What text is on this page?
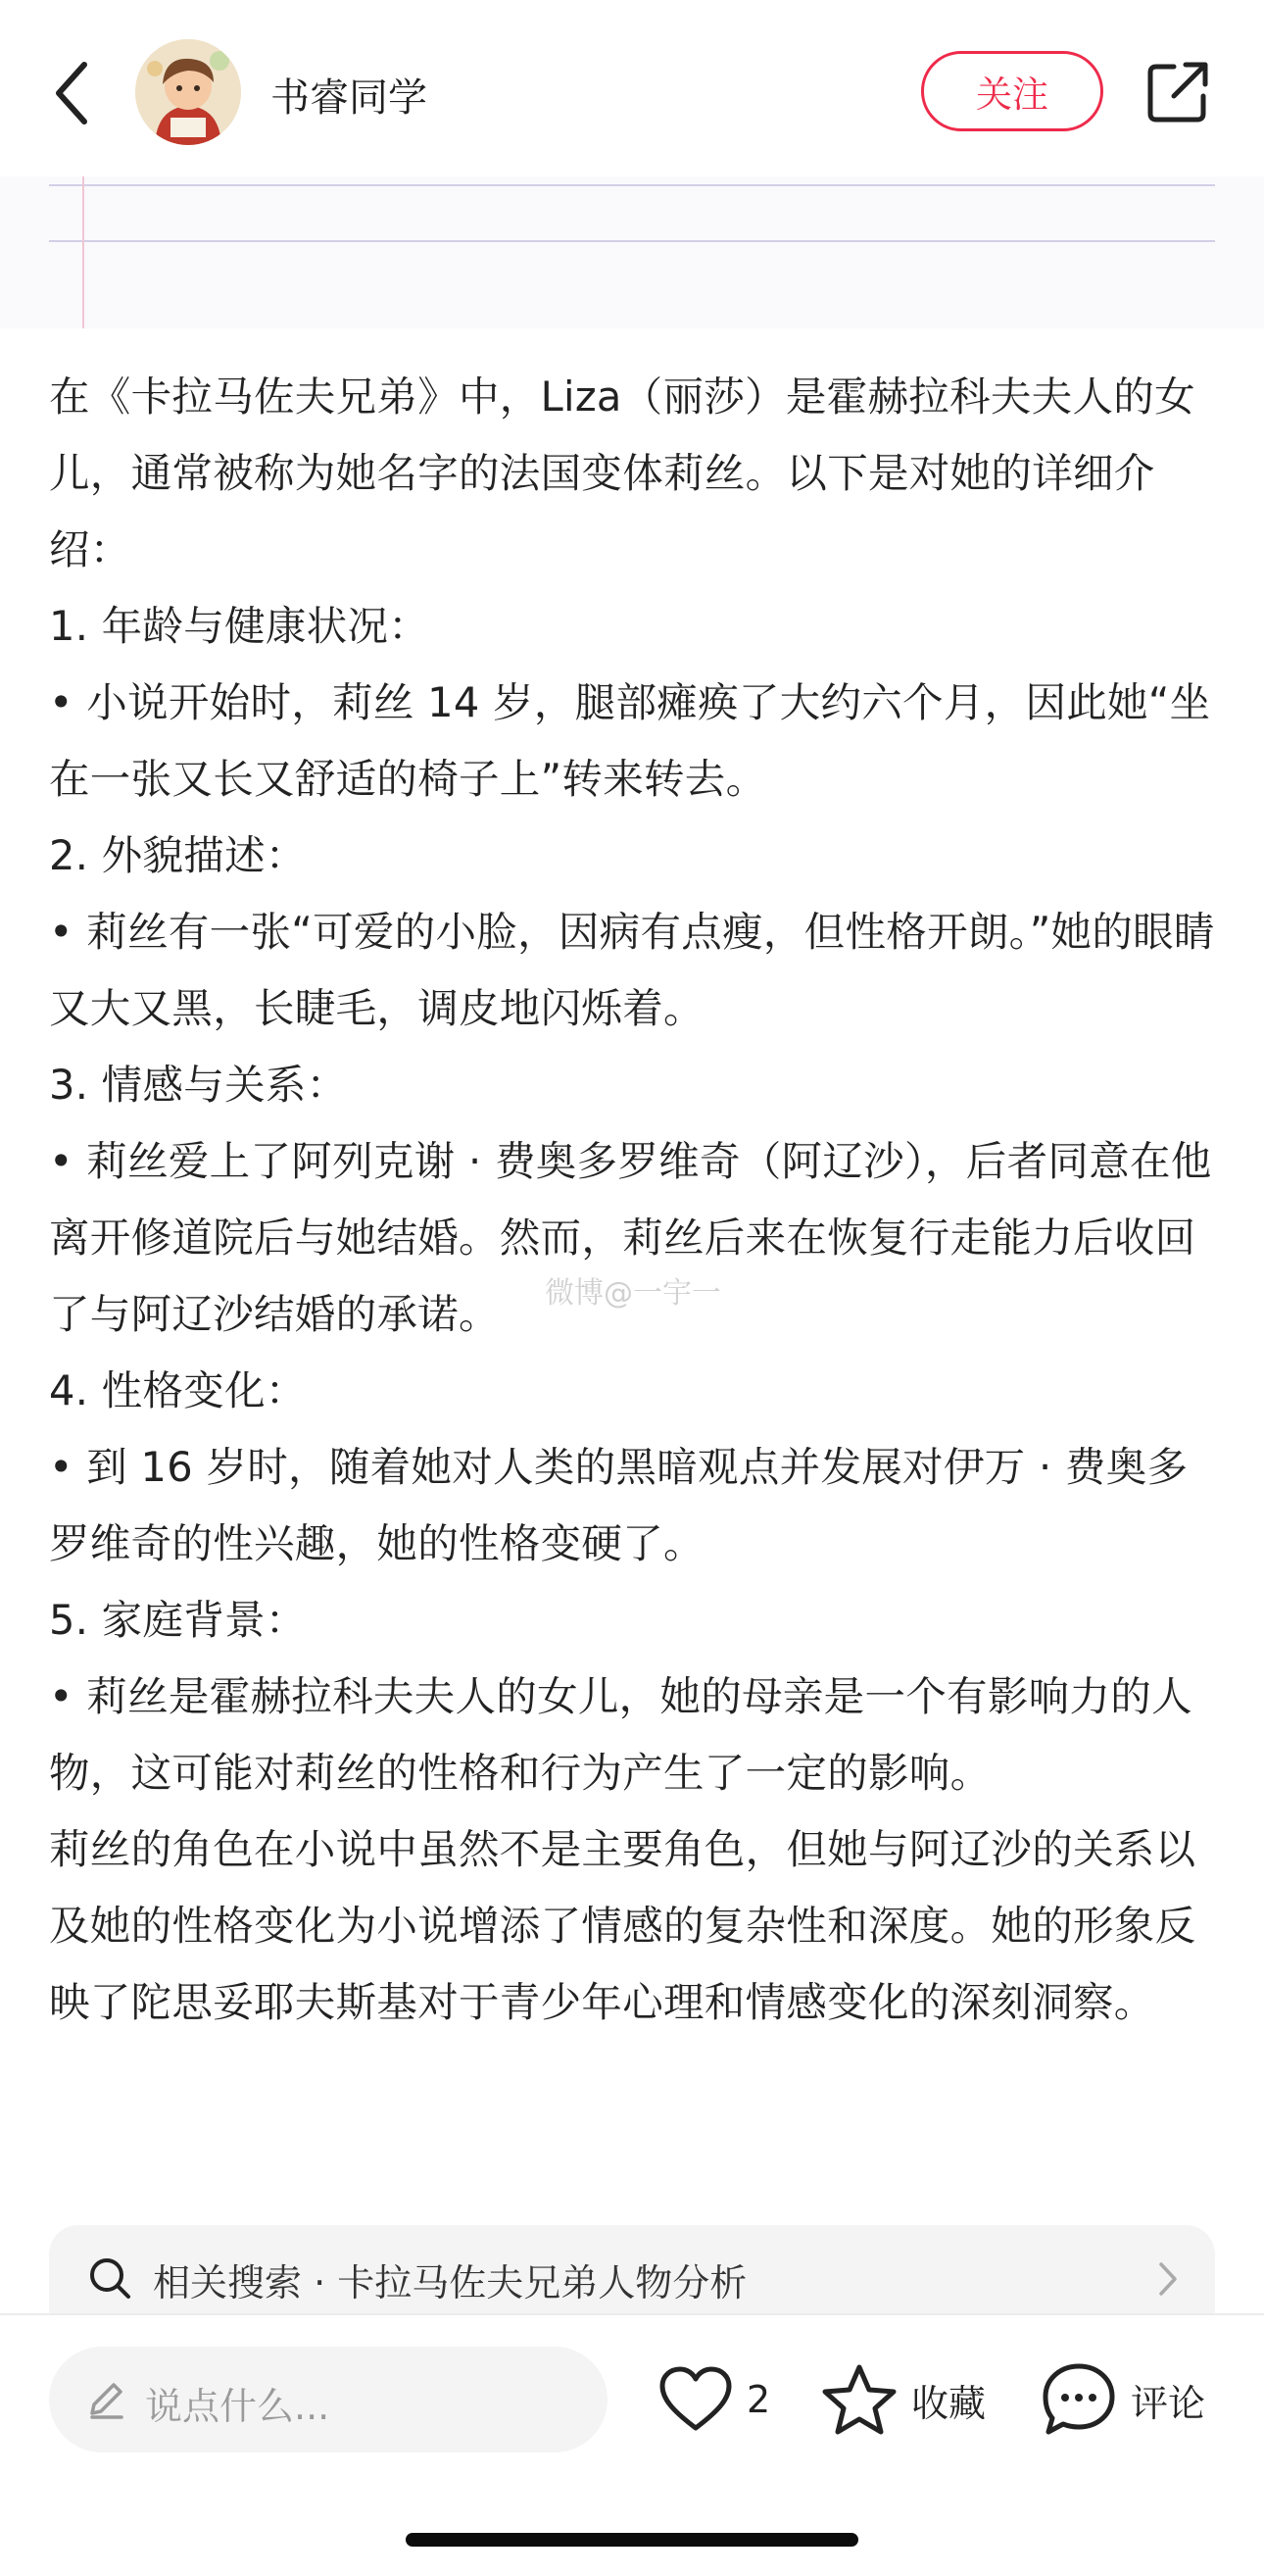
书睿同学	关注

在《卡拉马佐夫兄弟》中，Liza（丽莎）是霍赫拉科夫夫人的女儿，通常被称为她名字的法国变体莉丝。以下是对她的详细介绍：

1. 年龄与健康状况：

• 小说开始时，莉丝 14 岁，腿部瘫痪了大约六个月，因此她“坐在一张又长又舒适的椅子上”转来转去。

2. 外貌描述：

• 莉丝有一张“可爱的小脸，因病有点瘦，但性格开朗。”她的眼睛又大又黑，长睫毛，调皮地闪烁着。

3. 情感与关系：

• 莉丝爱上了阿列克谢 · 费奥多罗维奇（阿辽沙），后者同意在他离开修道院后与她结婚。然而，莉丝后来在恢复行走能力后收回了与阿辽沙结婚的承诺。

4. 性格变化：

• 到 16 岁时，随着她对人类的黑暗观点并发展对伊万 · 费奥多罗维奇的性兴趣，她的性格变硬了。

5. 家庭背景：

• 莉丝是霍赫拉科夫夫人的女儿，她的母亲是一个有影响力的人物，这可能对莉丝的性格和行为产生了一定的影响。

莉丝的角色在小说中虽然不是主要角色，但她与阿辽沙的关系以及她的性格变化为小说增添了情感的复杂性和深度。她的形象反映了陀思妥耶夫斯基对于青少年心理和情感变化的深刻洞察。

微博@一宇一
相关搜索 · 卡拉马佐夫兄弟人物分析
说点什么...	2	收藏	评论
